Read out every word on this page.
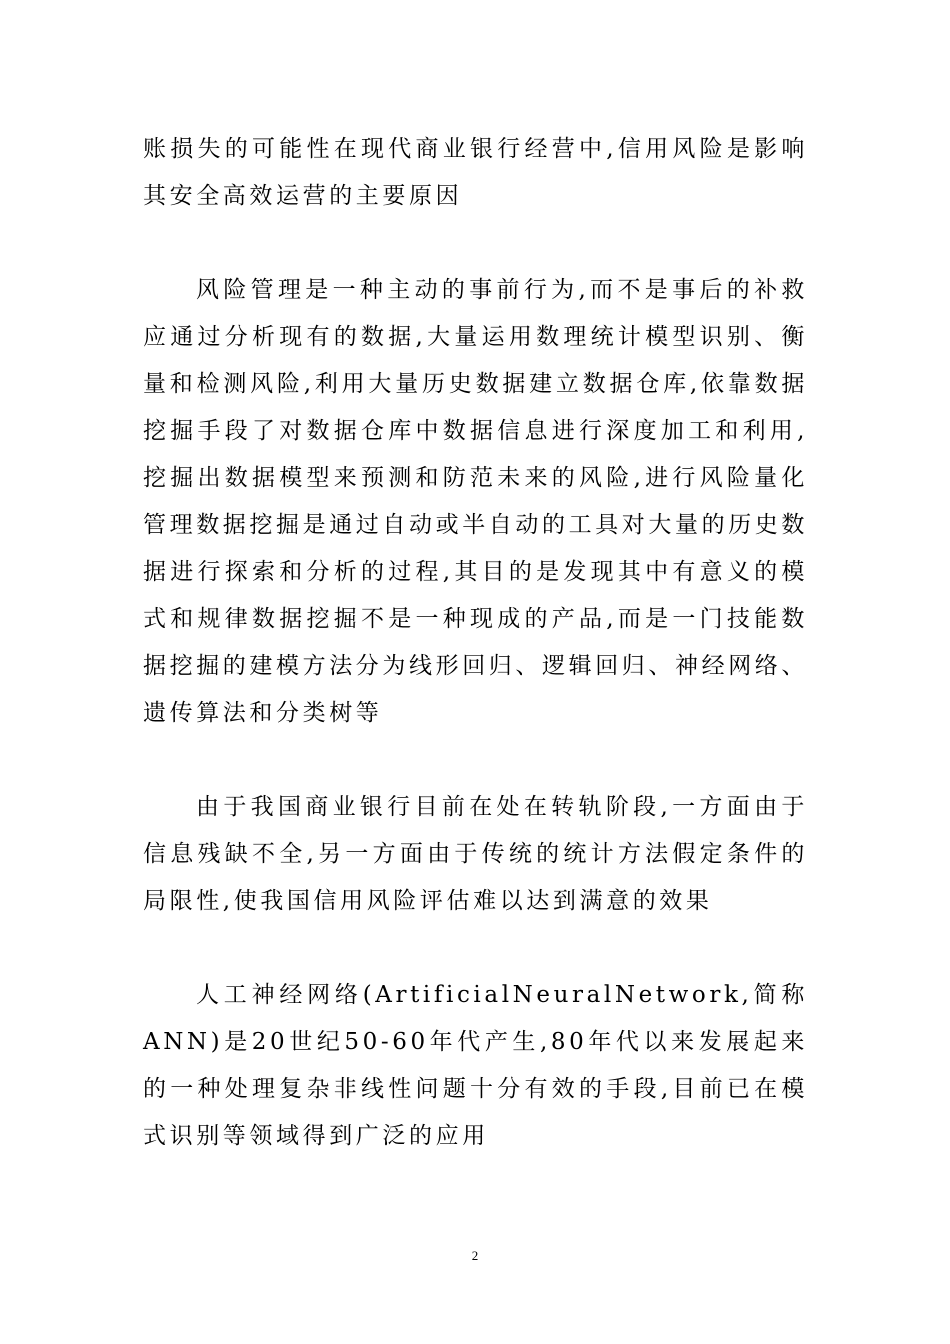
账损失的可能性在现代商业银行经营中,信用风险是影响其安全高效运营的主要原因

风险管理是一种主动的事前行为,而不是事后的补救应通过分析现有的数据,大量运用数理统计模型识别、衡量和检测风险,利用大量历史数据建立数据仓库,依靠数据挖掘手段了对数据仓库中数据信息进行深度加工和利用,挖掘出数据模型来预测和防范未来的风险,进行风险量化管理数据挖掘是通过自动或半自动的工具对大量的历史数据进行探索和分析的过程,其目的是发现其中有意义的模式和规律数据挖掘不是一种现成的产品,而是一门技能数据挖掘的建模方法分为线形回归、逻辑回归、神经网络、遗传算法和分类树等

由于我国商业银行目前在处在转轨阶段,一方面由于信息残缺不全,另一方面由于传统的统计方法假定条件的局限性,使我国信用风险评估难以达到满意的效果

人工神经网络(ArtificialNeuralNetwork,简称ANN)是20世纪50-60年代产生,80年代以来发展起来的一种处理复杂非线性问题十分有效的手段,目前已在模式识别等领域得到广泛的应用

2
